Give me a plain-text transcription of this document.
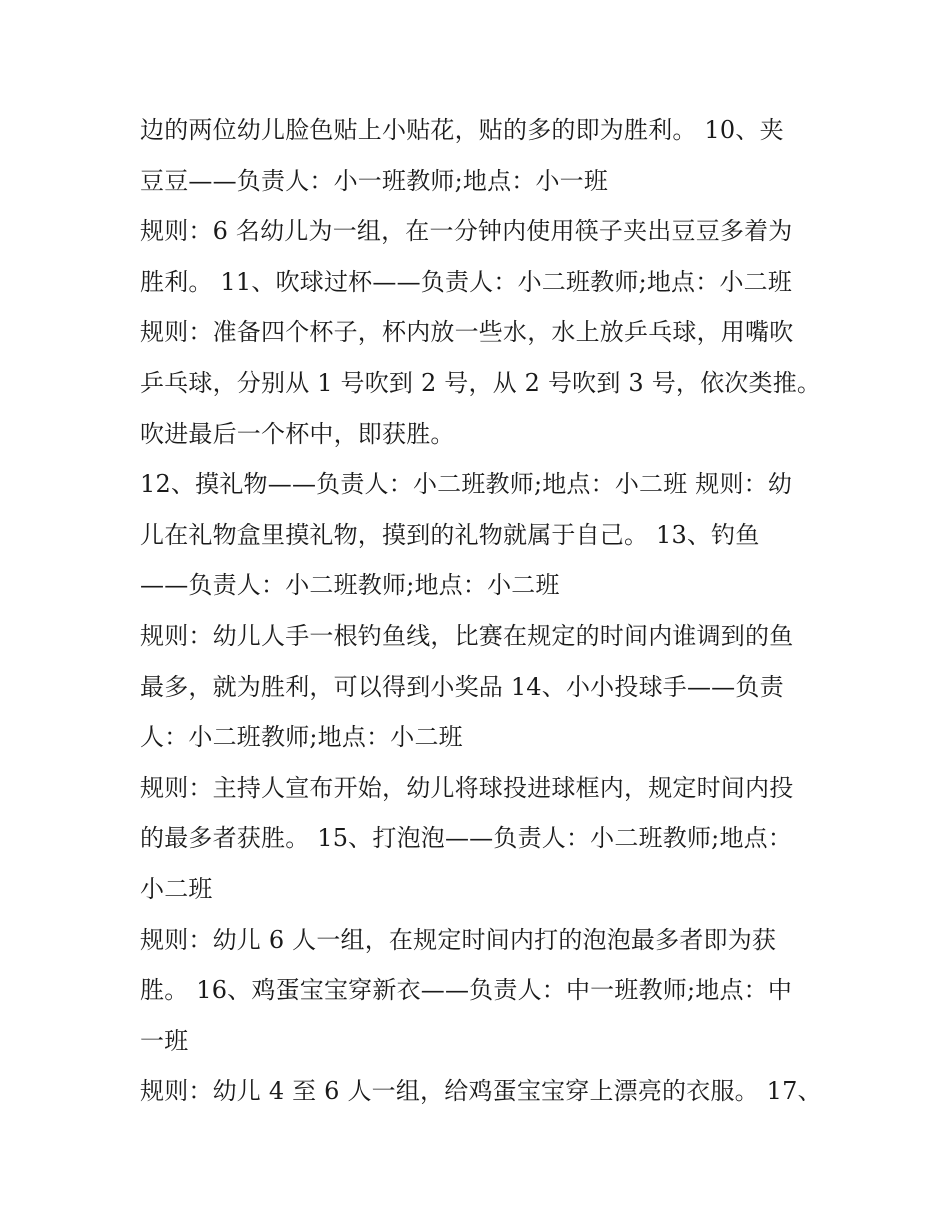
边的两位幼儿脸色贴上小贴花，贴的多的即为胜利。 10、夹
豆豆——负责人：小一班教师;地点：小一班
规则：6 名幼儿为一组，在一分钟内使用筷子夹出豆豆多着为
胜利。 11、吹球过杯——负责人：小二班教师;地点：小二班
规则：准备四个杯子，杯内放一些水，水上放乒乓球，用嘴吹
乒乓球，分别从 1 号吹到 2 号，从 2 号吹到 3 号，依次类推。
吹进最后一个杯中，即获胜。
12、摸礼物——负责人：小二班教师;地点：小二班 规则：幼
儿在礼物盒里摸礼物，摸到的礼物就属于自己。 13、钓鱼
——负责人：小二班教师;地点：小二班
规则：幼儿人手一根钓鱼线，比赛在规定的时间内谁调到的鱼
最多，就为胜利，可以得到小奖品 14、小小投球手——负责
人：小二班教师;地点：小二班
规则：主持人宣布开始，幼儿将球投进球框内，规定时间内投
的最多者获胜。 15、打泡泡——负责人：小二班教师;地点：
小二班
规则：幼儿 6 人一组，在规定时间内打的泡泡最多者即为获
胜。 16、鸡蛋宝宝穿新衣——负责人：中一班教师;地点：中
一班
规则：幼儿 4 至 6 人一组，给鸡蛋宝宝穿上漂亮的衣服。 17、
